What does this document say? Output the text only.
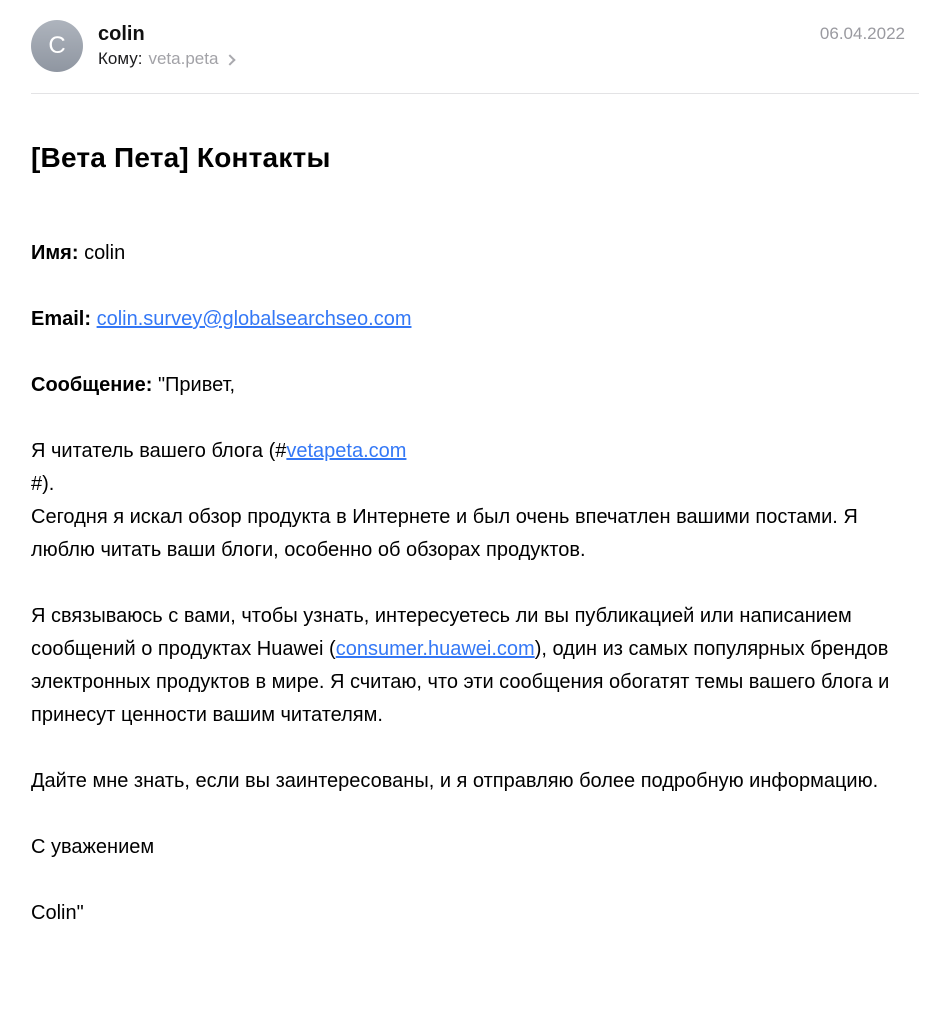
C colin
Кому: veta.peta
06.04.2022
[Вета Пета] Контакты

Имя: colin

Email: colin.survey@globalsearchseo.com

Сообщение: "Привет,

Я читатель вашего блога (#vetapeta.com
#).
Сегодня я искал обзор продукта в Интернете и был очень впечатлен вашими постами. Я люблю читать ваши блоги, особенно об обзорах продуктов.

Я связываюсь с вами, чтобы узнать, интересуетесь ли вы публикацией или написанием сообщений о продуктах Huawei (consumer.huawei.com), один из самых популярных брендов электронных продуктов в мире. Я считаю, что эти сообщения обогатят темы вашего блога и принесут ценности вашим читателям.

Дайте мне знать, если вы заинтересованы, и я отправляю более подробную информацию.

С уважением

Colin"
